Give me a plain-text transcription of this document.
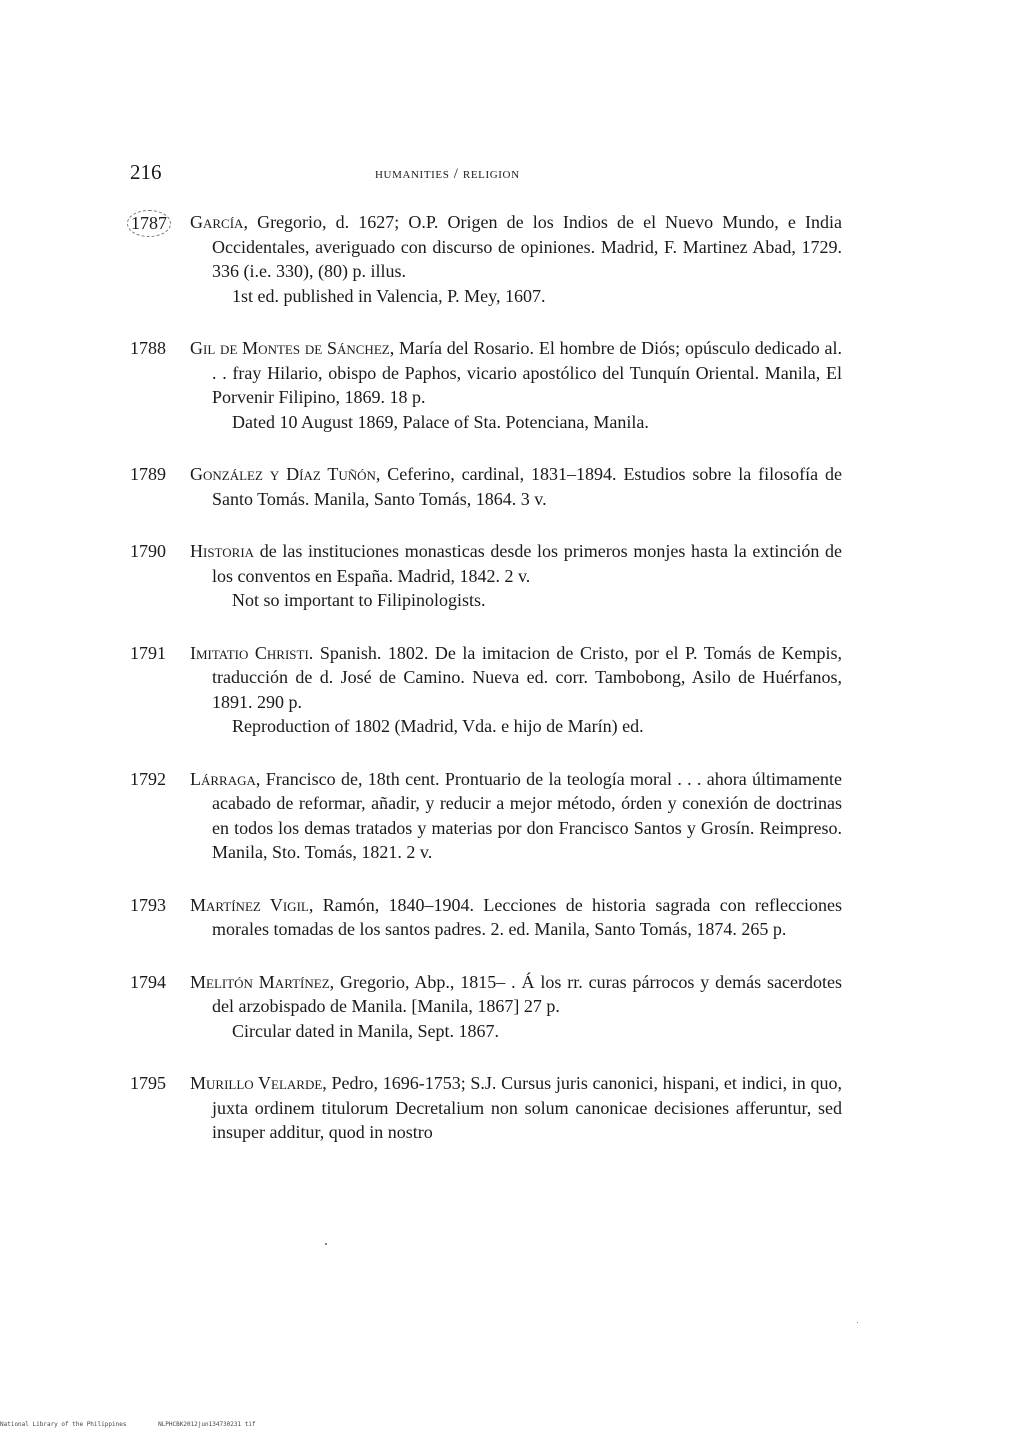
216	humanities / religion
1787 García, Gregorio, d. 1627; O.P. Origen de los Indios de el Nuevo Mundo, e India Occidentales, averiguado con discurso de opiniones. Madrid, F. Martinez Abad, 1729. 336 (i.e. 330), (80) p. illus.
1st ed. published in Valencia, P. Mey, 1607.
1788 Gil de Montes de Sánchez, María del Rosario. El hombre de Diós; opúsculo dedicado al. . . fray Hilario, obispo de Paphos, vicario apostólico del Tunquín Oriental. Manila, El Porvenir Filipino, 1869. 18 p.
Dated 10 August 1869, Palace of Sta. Potenciana, Manila.
1789 González y Díaz Tuñón, Ceferino, cardinal, 1831–1894. Estudios sobre la filosofía de Santo Tomás. Manila, Santo Tomás, 1864. 3 v.
1790 Historia de las instituciones monasticas desde los primeros monjes hasta la extinción de los conventos en España. Madrid, 1842. 2 v.
Not so important to Filipinologists.
1791 Imitatio Christi. Spanish. 1802. De la imitacion de Cristo, por el P. Tomás de Kempis, traducción de d. José de Camino. Nueva ed. corr. Tambobong, Asilo de Huérfanos, 1891. 290 p.
Reproduction of 1802 (Madrid, Vda. e hijo de Marín) ed.
1792 Lárraga, Francisco de, 18th cent. Prontuario de la teología moral . . . ahora últimamente acabado de reformar, añadir, y reducir a mejor método, órden y conexión de doctrinas en todos los demas tratados y materias por don Francisco Santos y Grosín. Reimpreso. Manila, Sto. Tomás, 1821. 2 v.
1793 Martínez Vigil, Ramón, 1840–1904. Lecciones de historia sagrada con reflecciones morales tomadas de los santos padres. 2. ed. Manila, Santo Tomás, 1874. 265 p.
1794 Melitón Martínez, Gregorio, Abp., 1815– . Á los rr. curas párrocos y demás sacerdotes del arzobispado de Manila. [Manila, 1867] 27 p.
Circular dated in Manila, Sept. 1867.
1795 Murillo Velarde, Pedro, 1696-1753; S.J. Cursus juris canonici, hispani, et indici, in quo, juxta ordinem titulorum Decretalium non solum canonicae decisiones afferuntur, sed insuper additur, quod in nostro
National Library of the Philippines	NLPHCBK2012jun134730231 tif
